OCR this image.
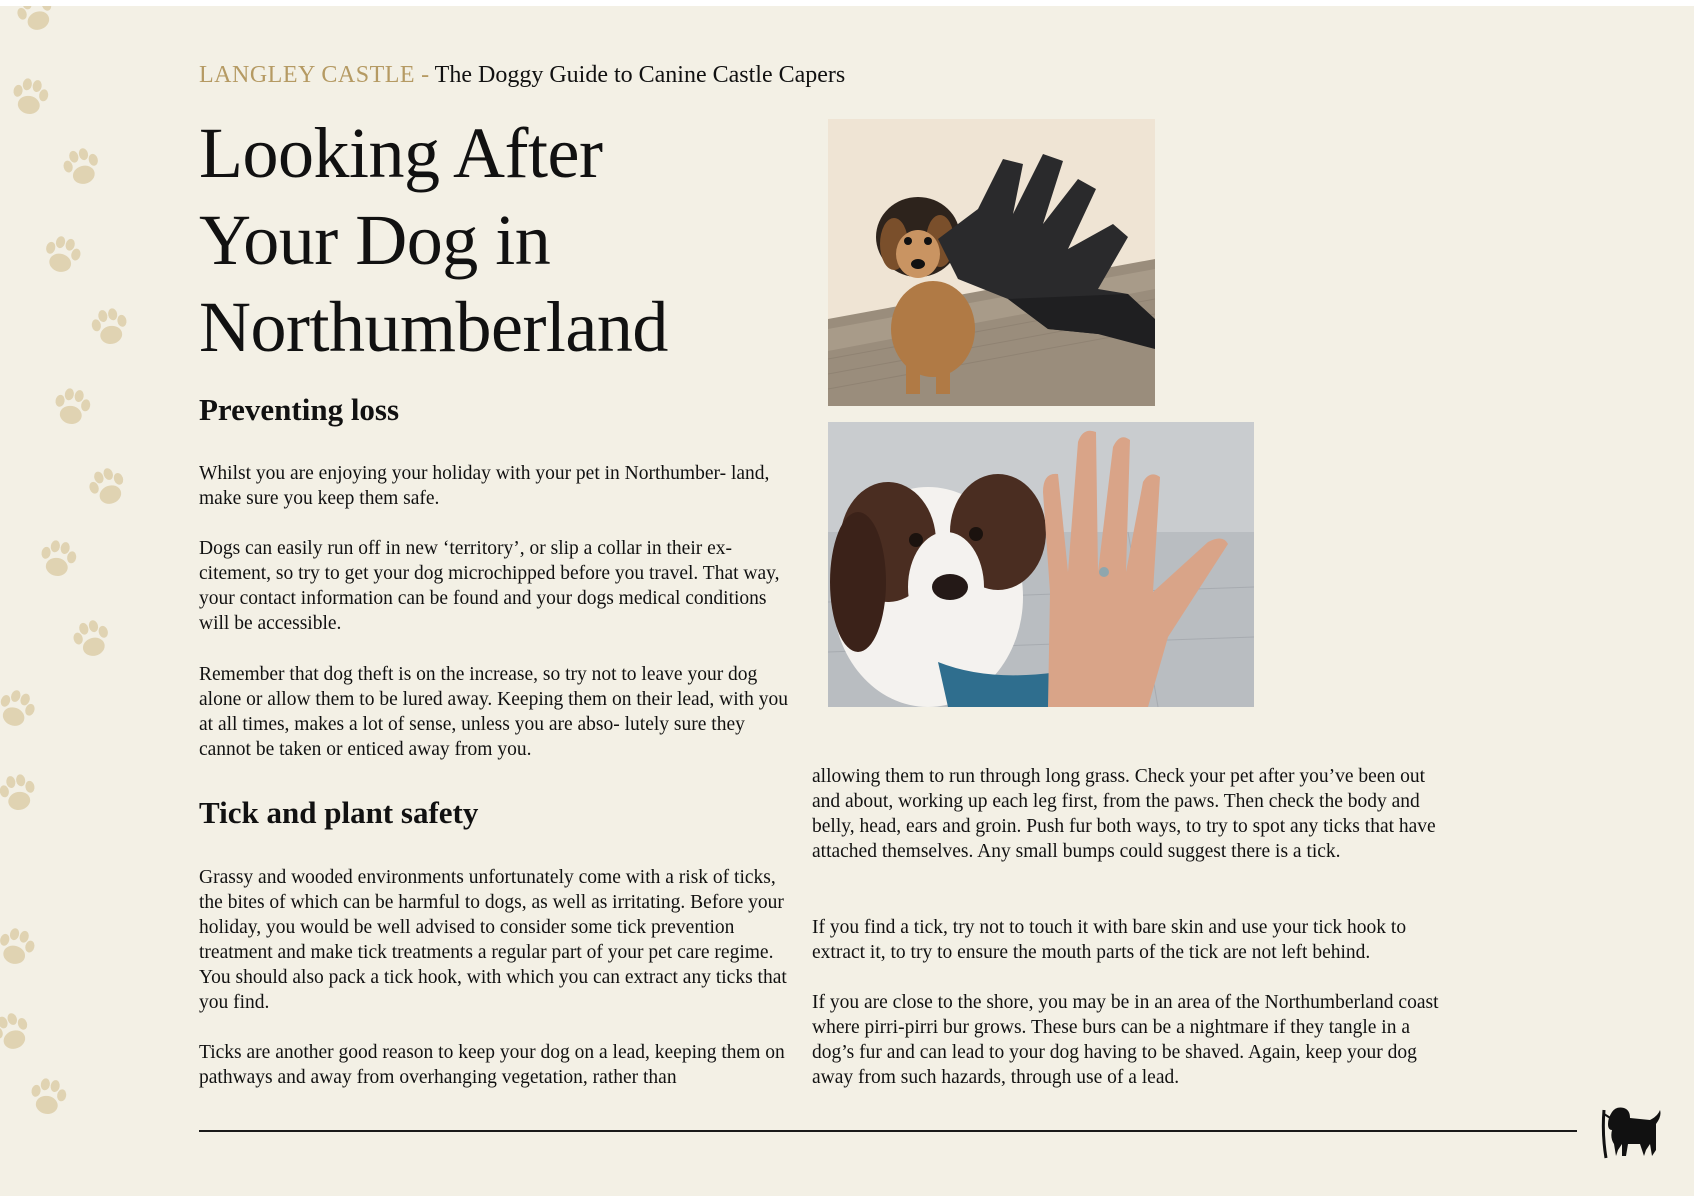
LANGLEY CASTLE - The Doggy Guide to Canine Castle Capers
Looking After
Your Dog in
Northumberland
Preventing loss

Whilst you are enjoying your holiday with your pet in Northumber- land, make sure you keep them safe.

Dogs can easily run off in new ‘territory’, or slip a collar in their ex- citement, so try to get your dog microchipped before you travel. That way, your contact information can be found and your dogs medical conditions will be accessible.

Remember that dog theft is on the increase, so try not to leave your dog alone or allow them to be lured away. Keeping them on their lead, with you at all times, makes a lot of sense, unless you are abso- lutely sure they cannot be taken or enticed away from you.

Tick and plant safety

Grassy and wooded environments unfortunately come with a risk of ticks, the bites of which can be harmful to dogs, as well as irritating. Before your holiday, you would be well advised to consider some tick prevention treatment and make tick treatments a regular part of your pet care regime. You should also pack a tick hook, with which you can extract any ticks that you find.

Ticks are another good reason to keep your dog on a lead, keeping them on pathways and away from overhanging vegetation, rather than

allowing them to run through long grass. Check your pet after you’ve been out and about, working up each leg first, from the paws. Then check the body and belly, head, ears and groin. Push fur both ways, to try to spot any ticks that have attached themselves. Any small bumps could suggest there is a tick.

If you find a tick, try not to touch it with bare skin and use your tick hook to extract it, to try to ensure the mouth parts of the tick are not left behind.

If you are close to the shore, you may be in an area of the Northumberland coast where pirri-pirri bur grows. These burs can be a nightmare if they tangle in a dog’s fur and can lead to your dog having to be shaved. Again, keep your dog away from such hazards, through use of a lead.
